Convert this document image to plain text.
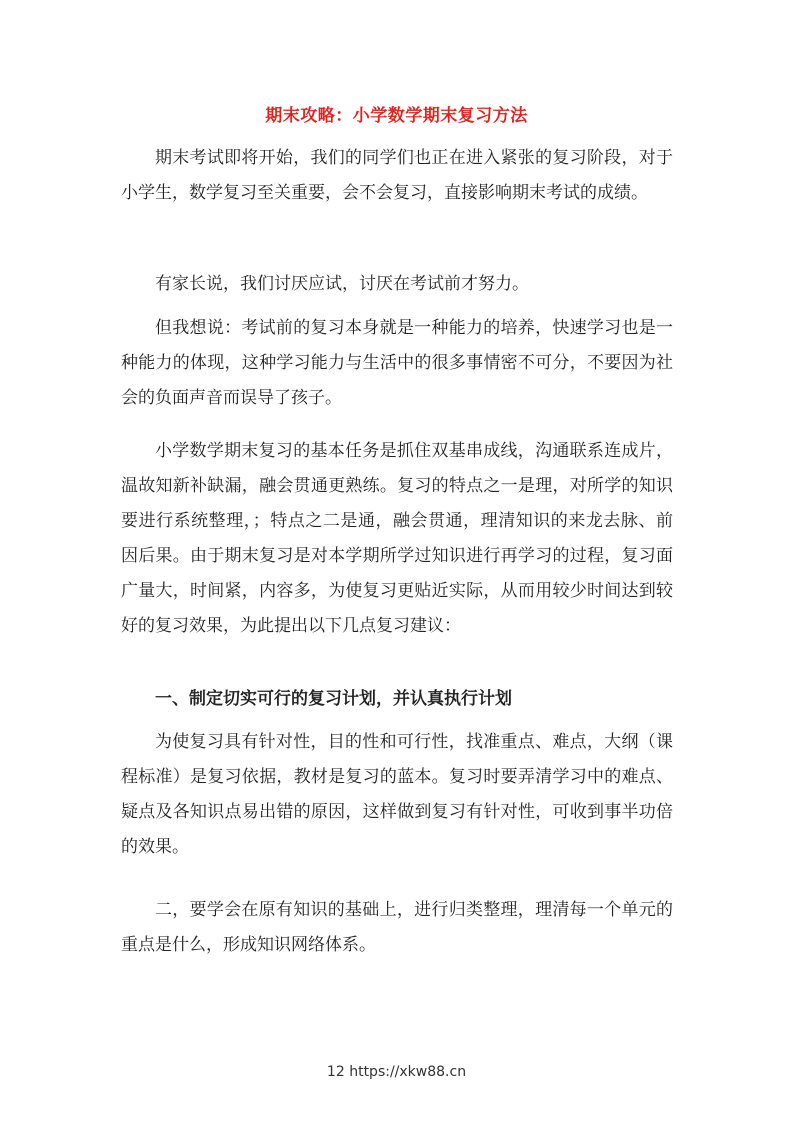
期末攻略：小学数学期末复习方法

期末考试即将开始，我们的同学们也正在进入紧张的复习阶段，对于小学生，数学复习至关重要，会不会复习，直接影响期末考试的成绩。

有家长说，我们讨厌应试，讨厌在考试前才努力。

但我想说：考试前的复习本身就是一种能力的培养，快速学习也是一种能力的体现，这种学习能力与生活中的很多事情密不可分，不要因为社会的负面声音而误导了孩子。

小学数学期末复习的基本任务是抓住双基串成线，沟通联系连成片，温故知新补缺漏，融会贯通更熟练。复习的特点之一是理，对所学的知识要进行系统整理，；特点之二是通，融会贯通，理清知识的来龙去脉、前因后果。由于期末复习是对本学期所学过知识进行再学习的过程，复习面广量大，时间紧，内容多，为使复习更贴近实际，从而用较少时间达到较好的复习效果，为此提出以下几点复习建议：

一、制定切实可行的复习计划，并认真执行计划

为使复习具有针对性，目的性和可行性，找准重点、难点，大纲（课程标准）是复习依据，教材是复习的蓝本。复习时要弄清学习中的难点、疑点及各知识点易出错的原因，这样做到复习有针对性，可收到事半功倍的效果。

二，要学会在原有知识的基础上，进行归类整理，理清每一个单元的重点是什么，形成知识网络体系。

12 https://xkw88.cn
